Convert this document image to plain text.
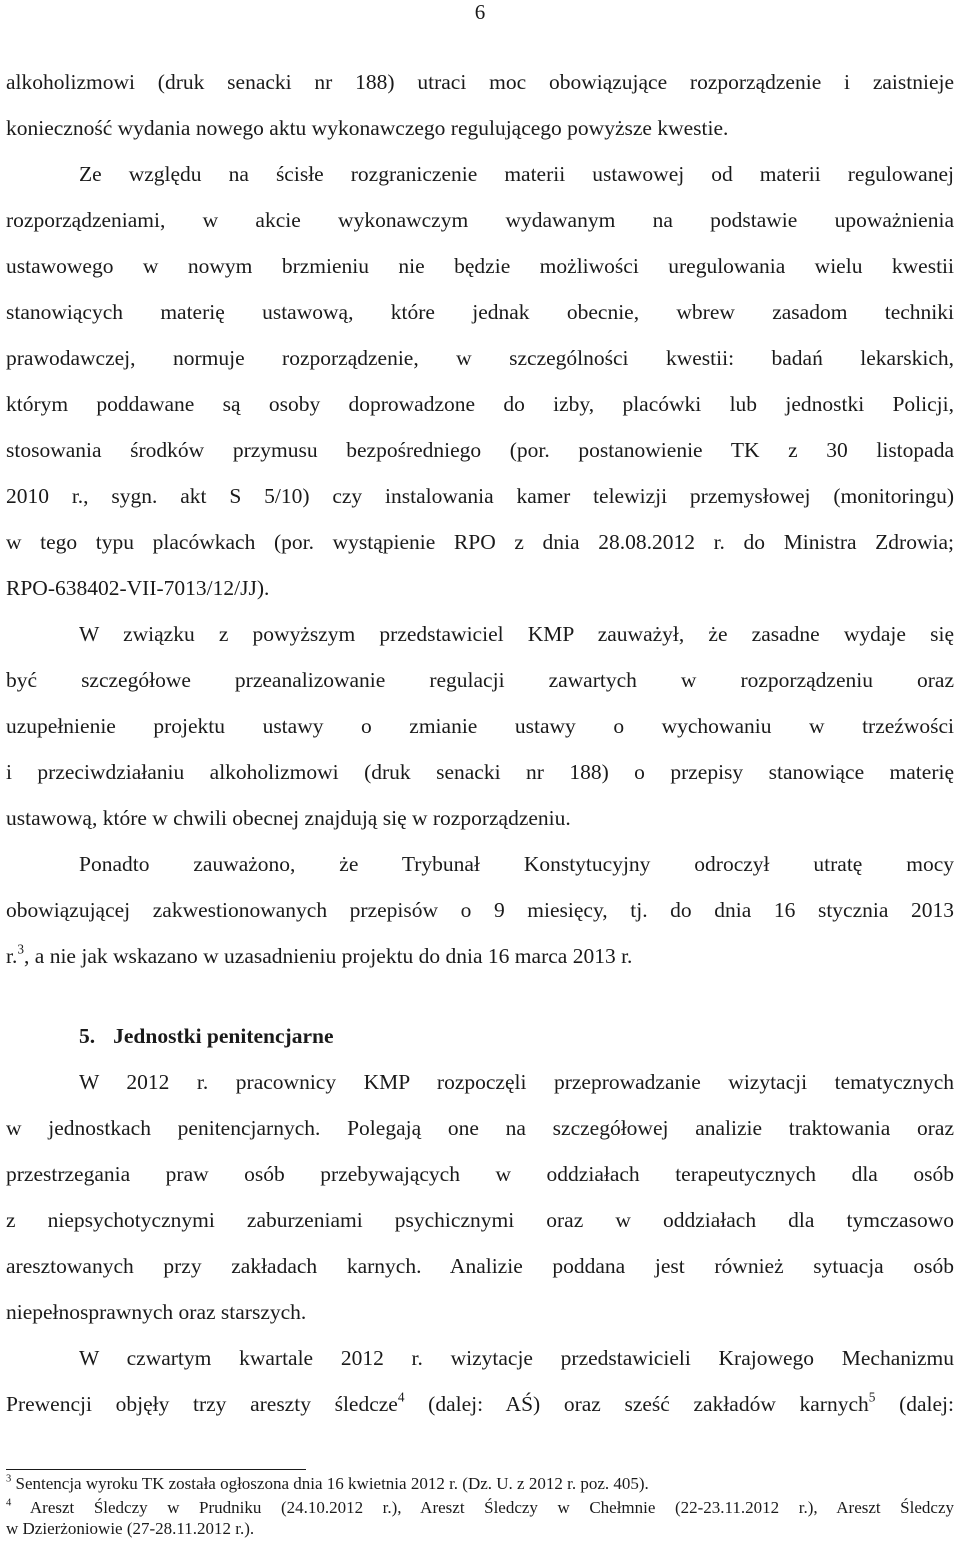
6
alkoholizmowi (druk senacki nr 188) utraci moc obowiązujące rozporządzenie i zaistnieje
konieczność wydania nowego aktu wykonawczego regulującego powyższe kwestie.
Ze względu na ścisłe rozgraniczenie materii ustawowej od materii regulowanej
rozporządzeniami, w akcie wykonawczym wydawanym na podstawie upoważnienia
ustawowego w nowym brzmieniu nie będzie możliwości uregulowania wielu kwestii
stanowiących materię ustawową, które jednak obecnie, wbrew zasadom techniki
prawodawczej, normuje rozporządzenie, w szczególności kwestii: badań lekarskich,
którym poddawane są osoby doprowadzone do izby, placówki lub jednostki Policji,
stosowania środków przymusu bezpośredniego (por. postanowienie TK z 30 listopada
2010 r., sygn. akt S 5/10) czy instalowania kamer telewizji przemysłowej (monitoringu)
w tego typu placówkach (por. wystąpienie RPO z dnia 28.08.2012 r. do Ministra Zdrowia;
RPO-638402-VII-7013/12/JJ).
W związku z powyższym przedstawiciel KMP zauważył, że zasadne wydaje się
być szczegółowe przeanalizowanie regulacji zawartych w rozporządzeniu oraz
uzupełnienie projektu ustawy o zmianie ustawy o wychowaniu w trzeźwości
i przeciwdziałaniu alkoholizmowi (druk senacki nr 188) o przepisy stanowiące materię
ustawową, które w chwili obecnej znajdują się w rozporządzeniu.
Ponadto zauważono, że Trybunał Konstytucyjny odroczył utratę mocy
obowiązującej zakwestionowanych przepisów o 9 miesięcy, tj. do dnia 16 stycznia 2013
r.$^3$, a nie jak wskazano w uzasadnieniu projektu do dnia 16 marca 2013 r.
5. Jednostki penitencjarne
W 2012 r. pracownicy KMP rozpoczęli przeprowadzanie wizytacji tematycznych
w jednostkach penitencjarnych. Polegają one na szczegółowej analizie traktowania oraz
przestrzegania praw osób przebywających w oddziałach terapeutycznych dla osób
z niepsychotycznymi zaburzeniami psychicznymi oraz w oddziałach dla tymczasowo
aresztowanych przy zakładach karnych. Analizie poddana jest również sytuacja osób
niepełnosprawnych oraz starszych.
W czwartym kwartale 2012 r. wizytacje przedstawicieli Krajowego Mechanizmu
Prewencji objęły trzy areszty śledcze$^4$ (dalej: AŚ) oraz sześć zakładów karnych$^5$ (dalej:
$^3$ Sentencja wyroku TK została ogłoszona dnia 16 kwietnia 2012 r. (Dz. U. z 2012 r. poz. 405).
$^4$ Areszt Śledczy w Prudniku (24.10.2012 r.), Areszt Śledczy w Chełmnie (22-23.11.2012 r.), Areszt Śledczy
w Dzierżoniowie (27-28.11.2012 r.).
